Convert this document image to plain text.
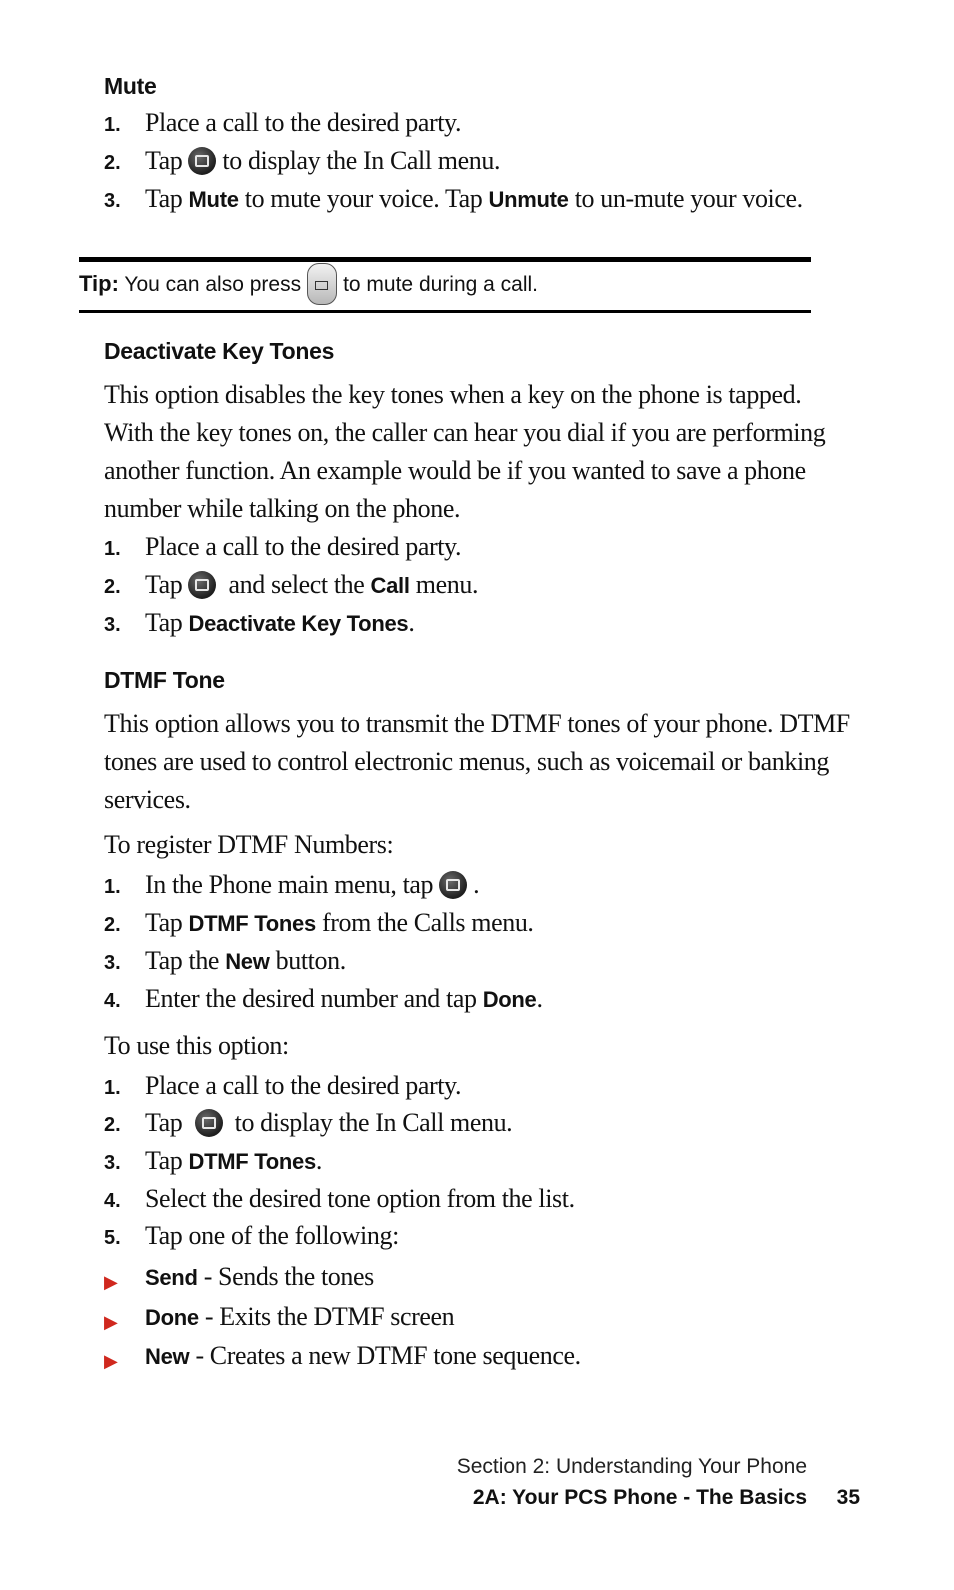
Mute
1. Place a call to the desired party.
2. Tap to display the In Call menu.
3. Tap Mute to mute your voice. Tap Unmute to un-mute your voice.
Tip: You can also press to mute during a call.
Deactivate Key Tones
This option disables the key tones when a key on the phone is tapped.
With the key tones on, the caller can hear you dial if you are performing
another function. An example would be if you wanted to save a phone
number while talking on the phone.
1. Place a call to the desired party.
2. Tap and select the Call menu.
3. Tap Deactivate Key Tones.
DTMF Tone
This option allows you to transmit the DTMF tones of your phone. DTMF
tones are used to control electronic menus, such as voicemail or banking
services.
To register DTMF Numbers:
1. In the Phone main menu, tap .
2. Tap DTMF Tones from the Calls menu.
3. Tap the New button.
4. Enter the desired number and tap Done.
To use this option:
1. Place a call to the desired party.
2. Tap to display the In Call menu.
3. Tap DTMF Tones.
4. Select the desired tone option from the list.
5. Tap one of the following:
▶ Send - Sends the tones
▶ Done - Exits the DTMF screen
▶ New - Creates a new DTMF tone sequence.
Section 2: Understanding Your Phone
2A: Your PCS Phone - The Basics 35
